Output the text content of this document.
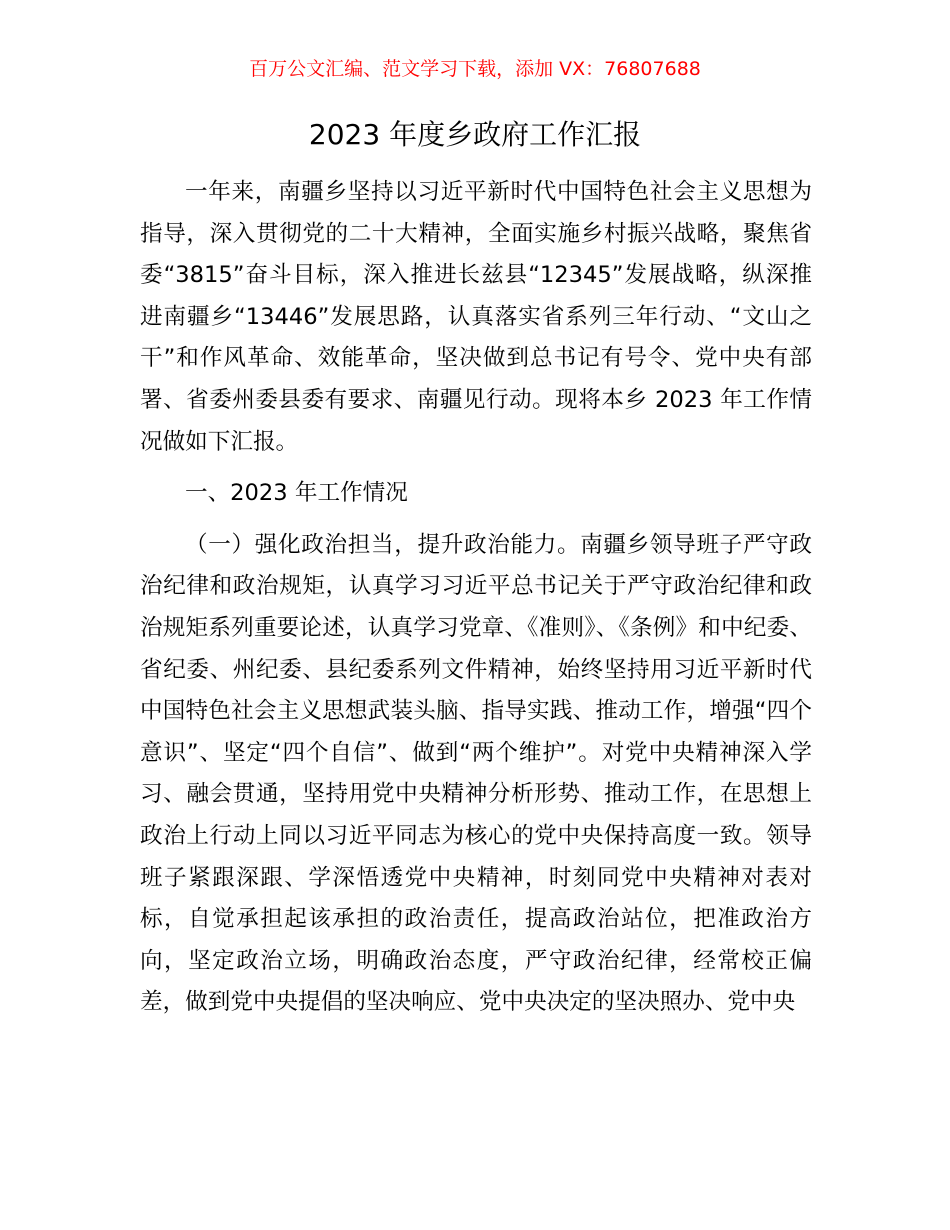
百万公文汇编、范文学习下载，添加 VX：76807688
2023 年度乡政府工作汇报

一年来，南疆乡坚持以习近平新时代中国特色社会主义思想为指导，深入贯彻党的二十大精神，全面实施乡村振兴战略，聚焦省委“3815”奋斗目标，深入推进长兹县“12345”发展战略，纵深推进南疆乡“13446”发展思路，认真落实省系列三年行动、“文山之干”和作风革命、效能革命，坚决做到总书记有号令、党中央有部署、省委州委县委有要求、南疆见行动。现将本乡 2023 年工作情况做如下汇报。

一、2023 年工作情况

（一）强化政治担当，提升政治能力。南疆乡领导班子严守政治纪律和政治规矩，认真学习习近平总书记关于严守政治纪律和政治规矩系列重要论述，认真学习党章、《准则》、《条例》和中纪委、省纪委、州纪委、县纪委系列文件精神，始终坚持用习近平新时代中国特色社会主义思想武装头脑、指导实践、推动工作，增强“四个意识”、坚定“四个自信”、做到“两个维护”。对党中央精神深入学习、融会贯通，坚持用党中央精神分析形势、推动工作，在思想上政治上行动上同以习近平同志为核心的党中央保持高度一致。领导班子紧跟深跟、学深悟透党中央精神，时刻同党中央精神对表对标，自觉承担起该承担的政治责任，提高政治站位，把准政治方向，坚定政治立场，明确政治态度，严守政治纪律，经常校正偏差，做到党中央提倡的坚决响应、党中央决定的坚决照办、党中央
